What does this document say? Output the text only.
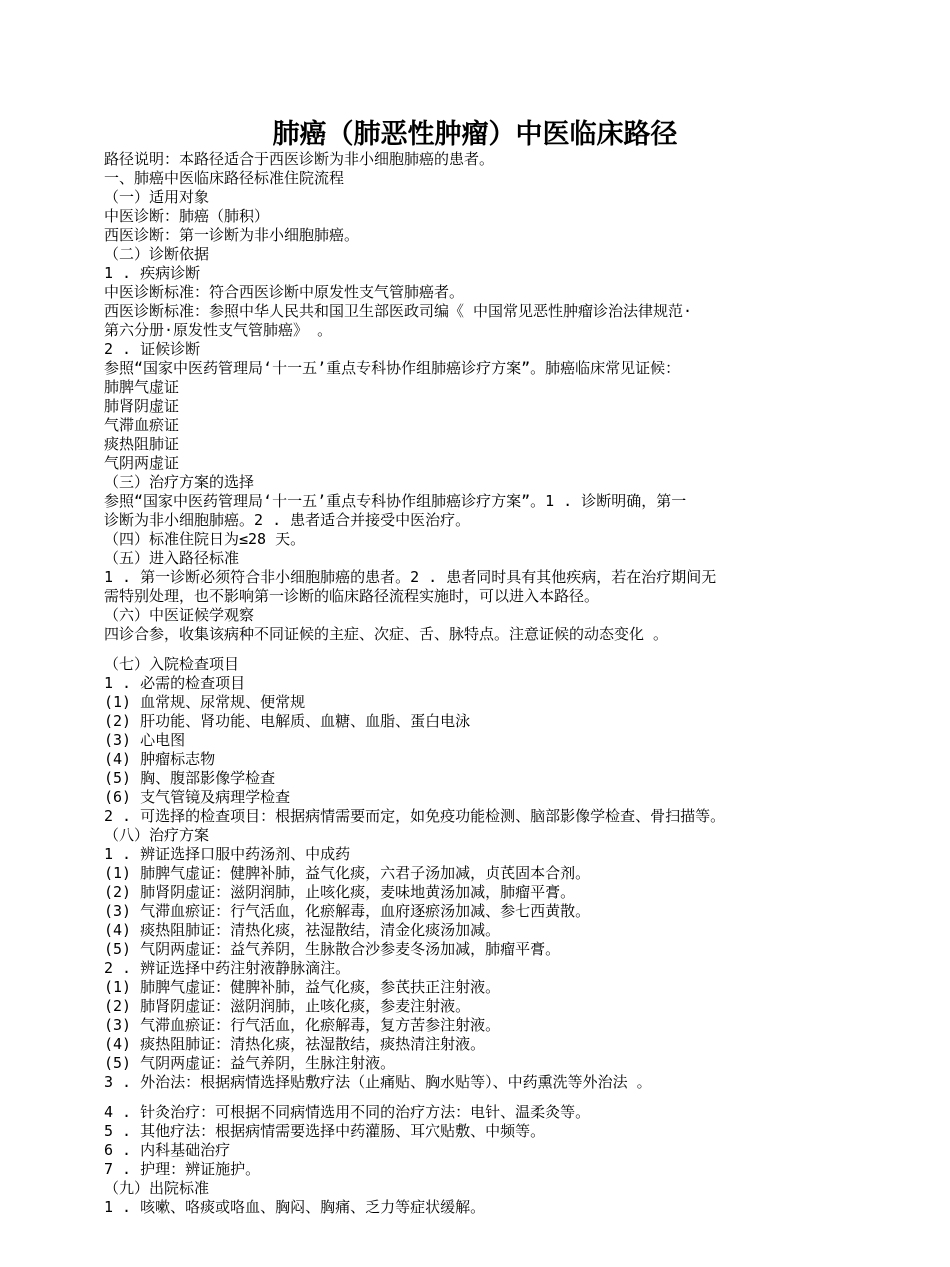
肺癌（肺恶性肿瘤）中医临床路径
路径说明：本路径适合于西医诊断为非小细胞肺癌的患者。
一、肺癌中医临床路径标准住院流程
（一）适用对象
中医诊断：肺癌（肺积）
西医诊断：第一诊断为非小细胞肺癌。
（二）诊断依据
1 . 疾病诊断
中医诊断标准：符合西医诊断中原发性支气管肺癌者。
西医诊断标准：参照中华人民共和国卫生部医政司编《 中国常见恶性肿瘤诊治法律规范·
第六分册·原发性支气管肺癌》 。
2 . 证候诊断
参照“国家中医药管理局‘十一五’重点专科协作组肺癌诊疗方案”。肺癌临床常见证候：
肺脾气虚证
肺肾阴虚证
气滞血瘀证
痰热阻肺证
气阴两虚证
（三）治疗方案的选择
参照“国家中医药管理局‘十一五’重点专科协作组肺癌诊疗方案”。1 . 诊断明确，第一
诊断为非小细胞肺癌。2 . 患者适合并接受中医治疗。
（四）标准住院日为≤28 天。
（五）进入路径标准
1 . 第一诊断必须符合非小细胞肺癌的患者。2 . 患者同时具有其他疾病，若在治疗期间无
需特别处理，也不影响第一诊断的临床路径流程实施时，可以进入本路径。
（六）中医证候学观察
四诊合参，收集该病种不同证候的主症、次症、舌、脉特点。注意证候的动态变化 。
（七）入院检查项目
1 . 必需的检查项目
(1) 血常规、尿常规、便常规
(2) 肝功能、肾功能、电解质、血糖、血脂、蛋白电泳
(3) 心电图
(4) 肿瘤标志物
(5) 胸、腹部影像学检查
(6) 支气管镜及病理学检查
2 . 可选择的检查项目：根据病情需要而定，如免疫功能检测、脑部影像学检查、骨扫描等。
（八）治疗方案
1 . 辨证选择口服中药汤剂、中成药
(1) 肺脾气虚证：健脾补肺，益气化痰，六君子汤加减，贞芪固本合剂。
(2) 肺肾阴虚证：滋阴润肺，止咳化痰，麦味地黄汤加减，肺瘤平膏。
(3) 气滞血瘀证：行气活血，化瘀解毒，血府逐瘀汤加减、参七西黄散。
(4) 痰热阻肺证：清热化痰，祛湿散结，清金化痰汤加减。
(5) 气阴两虚证：益气养阴，生脉散合沙参麦冬汤加减，肺瘤平膏。
2 . 辨证选择中药注射液静脉滴注。
(1) 肺脾气虚证：健脾补肺，益气化痰，参芪扶正注射液。
(2) 肺肾阴虚证：滋阴润肺，止咳化痰，参麦注射液。
(3) 气滞血瘀证：行气活血，化瘀解毒，复方苦参注射液。
(4) 痰热阻肺证：清热化痰，祛湿散结，痰热清注射液。
(5) 气阴两虚证：益气养阴，生脉注射液。
3 . 外治法：根据病情选择贴敷疗法（止痛贴、胸水贴等）、中药熏洗等外治法 。
4 . 针灸治疗：可根据不同病情选用不同的治疗方法：电针、温柔灸等。
5 . 其他疗法：根据病情需要选择中药灌肠、耳穴贴敷、中频等。
6 . 内科基础治疗
7 . 护理：辨证施护。
（九）出院标准
1 . 咳嗽、咯痰或咯血、胸闷、胸痛、乏力等症状缓解。
